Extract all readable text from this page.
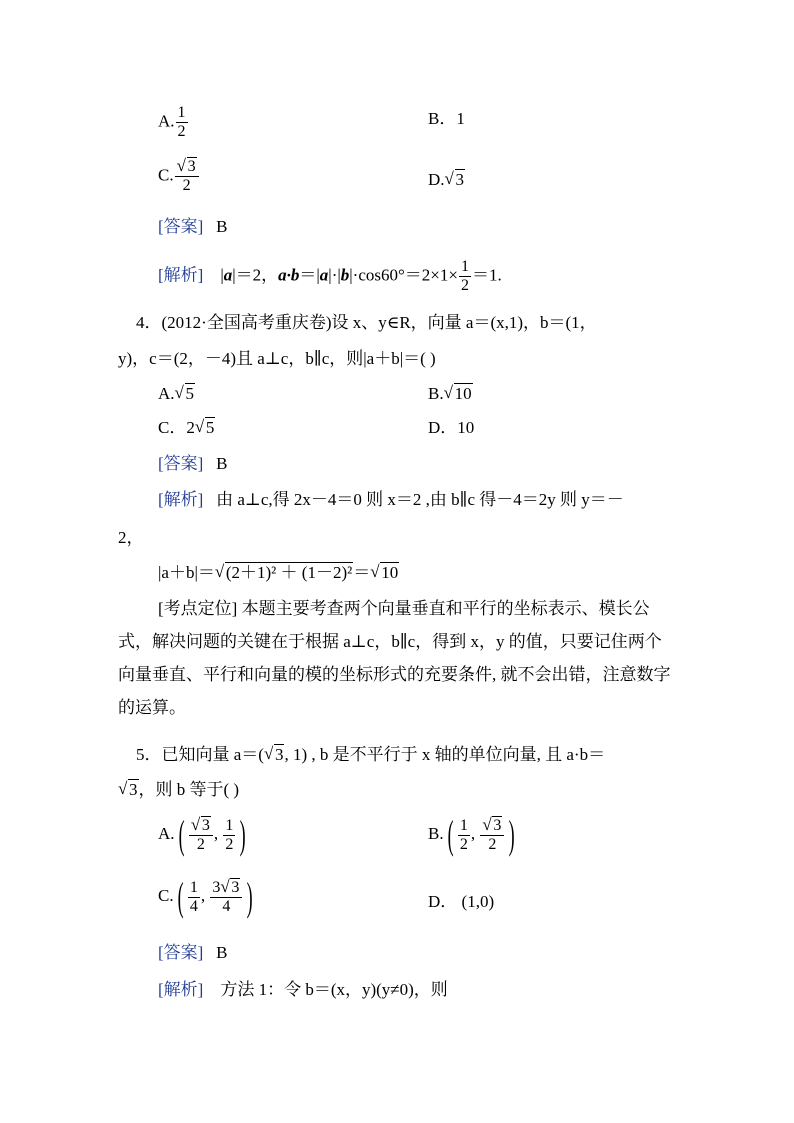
A. $\frac{1}{2}$	B．1
C. √ $\frac{3}{2}$	D. √ 3
[答案] B
[解析] |a|＝2，$a\cdot b=|a|\cdot|b|\cdot\cos 60^\circ=2\times 1\times \frac{1}{2} =1$.
4．(2012·全国高考重庆卷)设 x、y∈R，向量 a＝(x,1)，b＝(1，
y)，c＝(2，－4)且 a⊥c，b∥c，则|a＋b|＝( )
A. √ 5	B. √ 10
C．2 √ 5	D．10
[答案] B
[解析] 由 a⊥c,得 2x－4＝0 则 x＝2 ,由 b∥c 得－4＝2y 则 y＝－
2，
|a＋b|＝ √ (2＋1)² ＋ (1－2)²＝ √ 10
[考点定位] 本题主要考查两个向量垂直和平行的坐标表示、模长公式，解决问题的关键在于根据 a⊥c，b∥c，得到 x，y 的值，只要记住两个向量垂直、平行和向量的模的坐标形式的充要条件, 就不会出错，注意数字的运算。
5．已知向量 a＝( √ 3, 1) , b 是不平行于 x 轴的单位向量, 且 a·b＝
√ 3，则 b 等于( )
A.( √ $\frac{3}{2}$ , $\frac{1}{2}$ )	$B.( \frac{1}{2}$ , √ $\frac{3}{2}$ )
$C.( \frac{1}{4}$ , $\frac{3 √ 3}{4}$ )	D． (1,0)
[答案] B
[解析] 方法 1：令 b＝(x，y)(y≠0)，则
